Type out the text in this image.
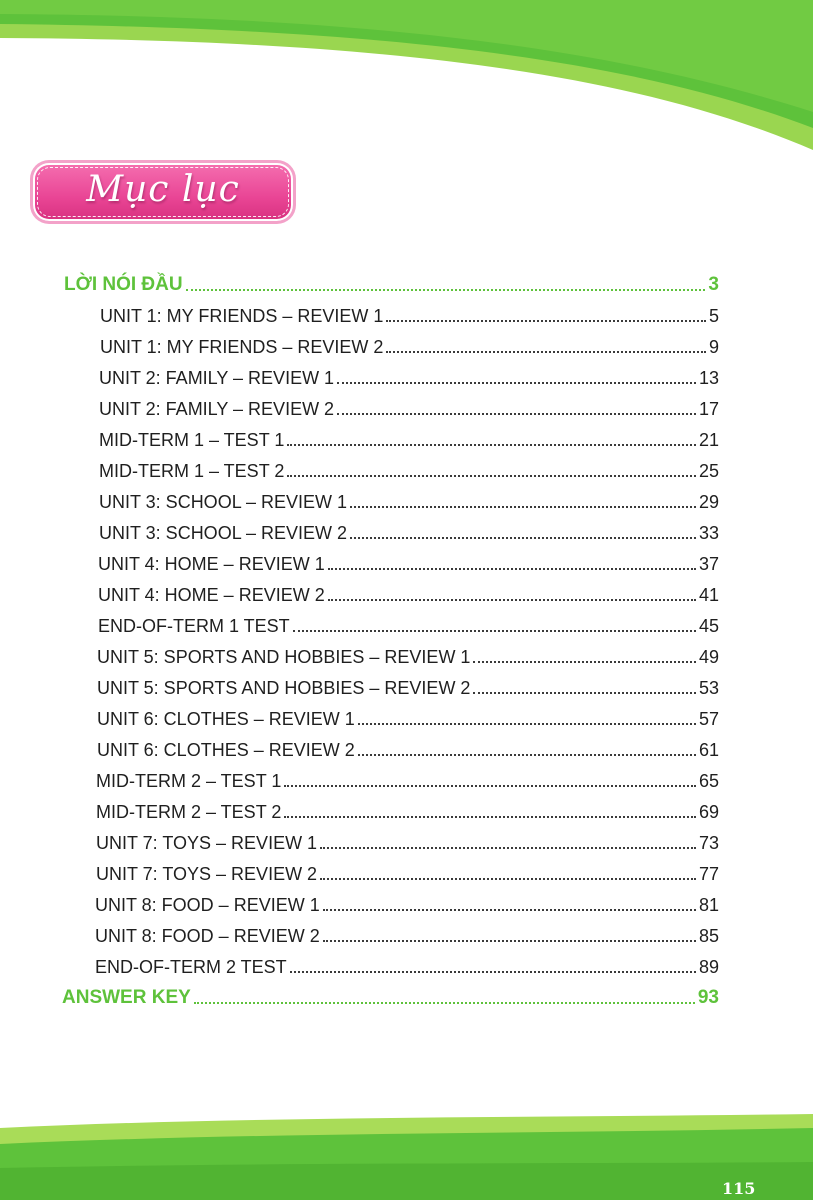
Mục lục
LỜI NÓI ĐẦU	3
UNIT 1: MY FRIENDS – REVIEW 1	5
UNIT 1: MY FRIENDS – REVIEW 2	9
UNIT 2: FAMILY – REVIEW 1	13
UNIT 2: FAMILY – REVIEW 2	17
MID-TERM 1 – TEST 1	21
MID-TERM 1 – TEST 2	25
UNIT 3: SCHOOL – REVIEW 1	29
UNIT 3: SCHOOL – REVIEW 2	33
UNIT 4: HOME – REVIEW 1	37
UNIT 4: HOME – REVIEW 2	41
END-OF-TERM 1 TEST	45
UNIT 5: SPORTS AND HOBBIES – REVIEW 1	49
UNIT 5: SPORTS AND HOBBIES – REVIEW 2	53
UNIT 6: CLOTHES – REVIEW 1	57
UNIT 6: CLOTHES – REVIEW 2	61
MID-TERM 2 – TEST 1	65
MID-TERM 2 – TEST 2	69
UNIT 7: TOYS – REVIEW 1	73
UNIT 7: TOYS – REVIEW 2	77
UNIT 8: FOOD – REVIEW 1	81
UNIT 8: FOOD – REVIEW 2	85
END-OF-TERM 2 TEST	89
ANSWER KEY	93
115
